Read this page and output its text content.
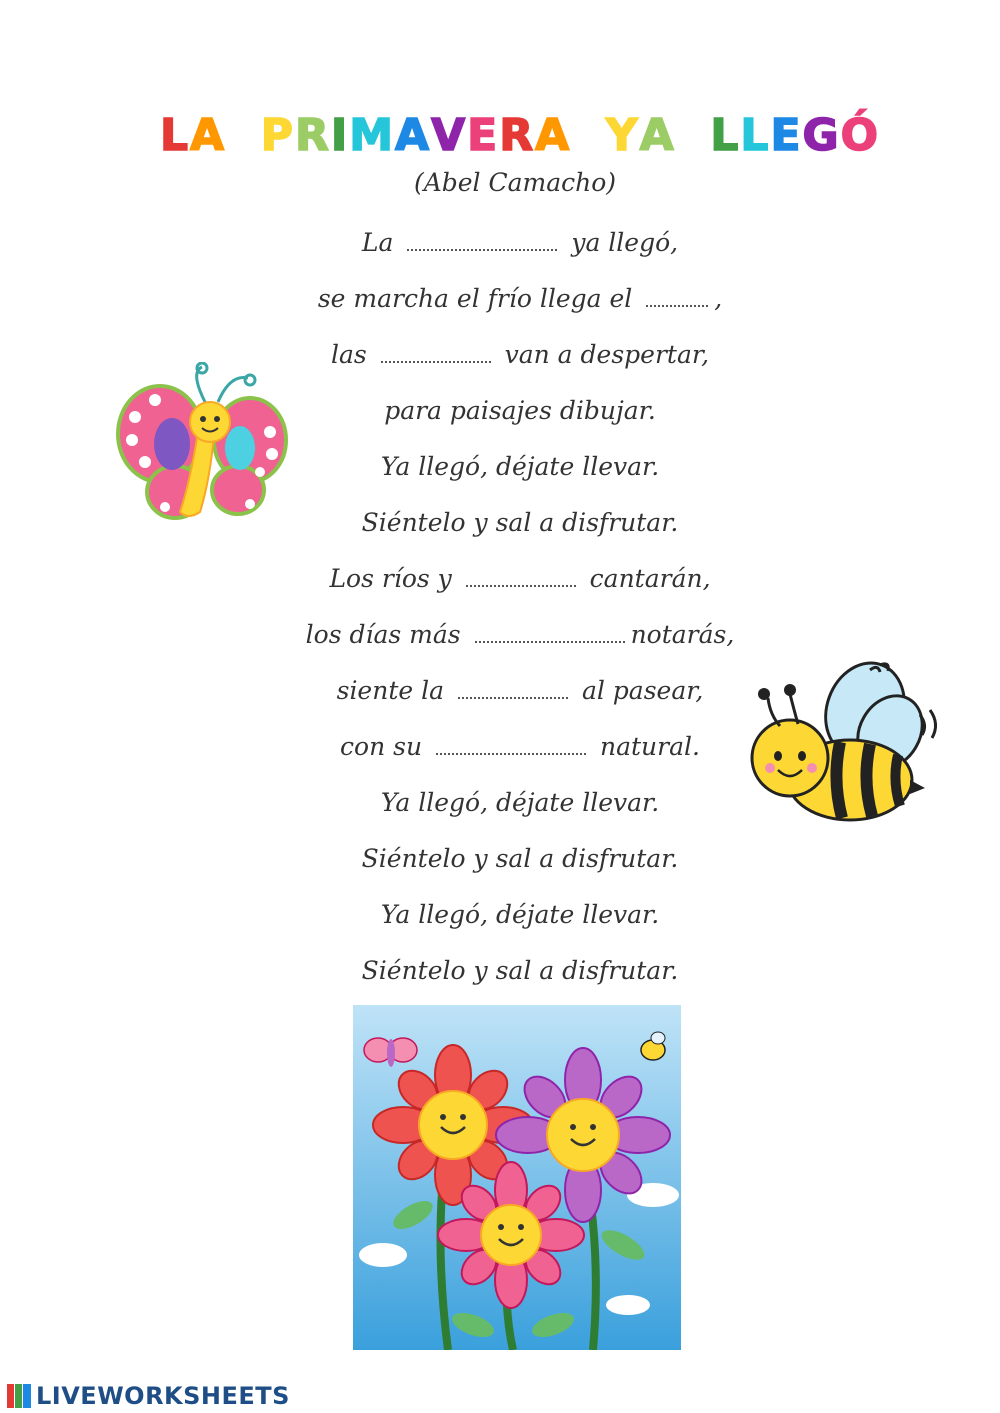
L A
P R I M A V E R A
Y A
L L E G Ó
(Abel Camacho)
La	ya llegó,
se marcha el frío llega el	,
las	van a despertar,
para paisajes dibujar.
Ya llegó, déjate llevar.
Siéntelo y sal a disfrutar.
Los ríos y	cantarán,
los días más	notarás,
siente la	al pasear,
con su	natural.
Ya llegó, déjate llevar.
Siéntelo y sal a disfrutar.
Ya llegó, déjate llevar.
Siéntelo y sal a disfrutar.
LIVEWORKSHEETS
